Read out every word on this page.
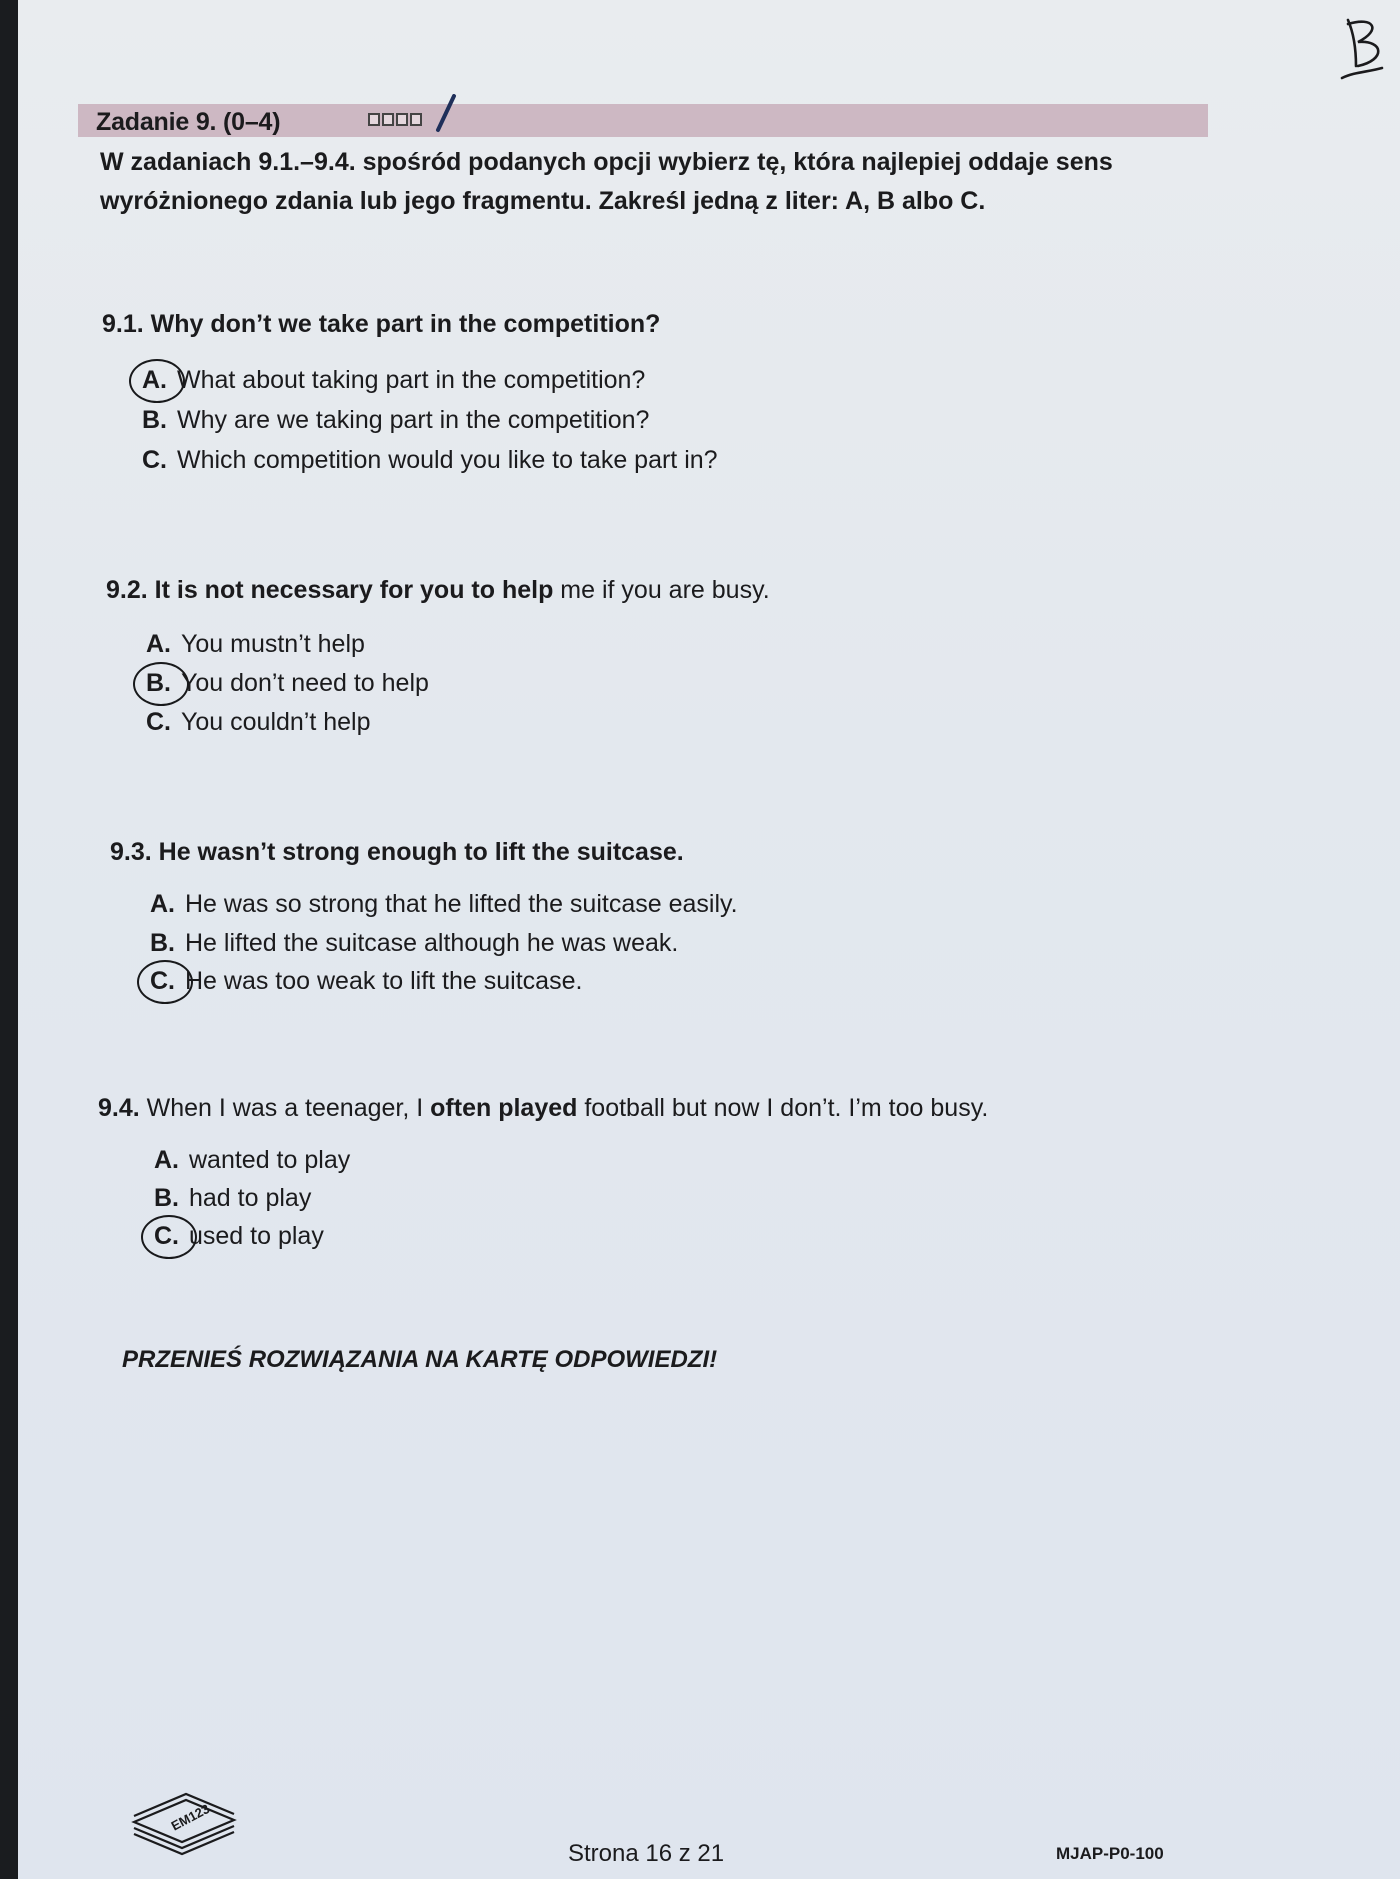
Zadanie 9. (0–4)
W zadaniach 9.1.–9.4. spośród podanych opcji wybierz tę, która najlepiej oddaje sens wyróżnionego zdania lub jego fragmentu. Zakreśl jedną z liter: A, B albo C.
9.1. Why don’t we take part in the competition?
A. What about taking part in the competition?
B. Why are we taking part in the competition?
C. Which competition would you like to take part in?
9.2. It is not necessary for you to help me if you are busy.
A. You mustn’t help
B. You don’t need to help
C. You couldn’t help
9.3. He wasn’t strong enough to lift the suitcase.
A. He was so strong that he lifted the suitcase easily.
B. He lifted the suitcase although he was weak.
C. He was too weak to lift the suitcase.
9.4. When I was a teenager, I often played football but now I don’t. I’m too busy.
A. wanted to play
B. had to play
C. used to play
PRZENIEŚ ROZWIĄZANIA NA KARTĘ ODPOWIEDZI!
EM123
Strona 16 z 21	MJAP-P0-100
